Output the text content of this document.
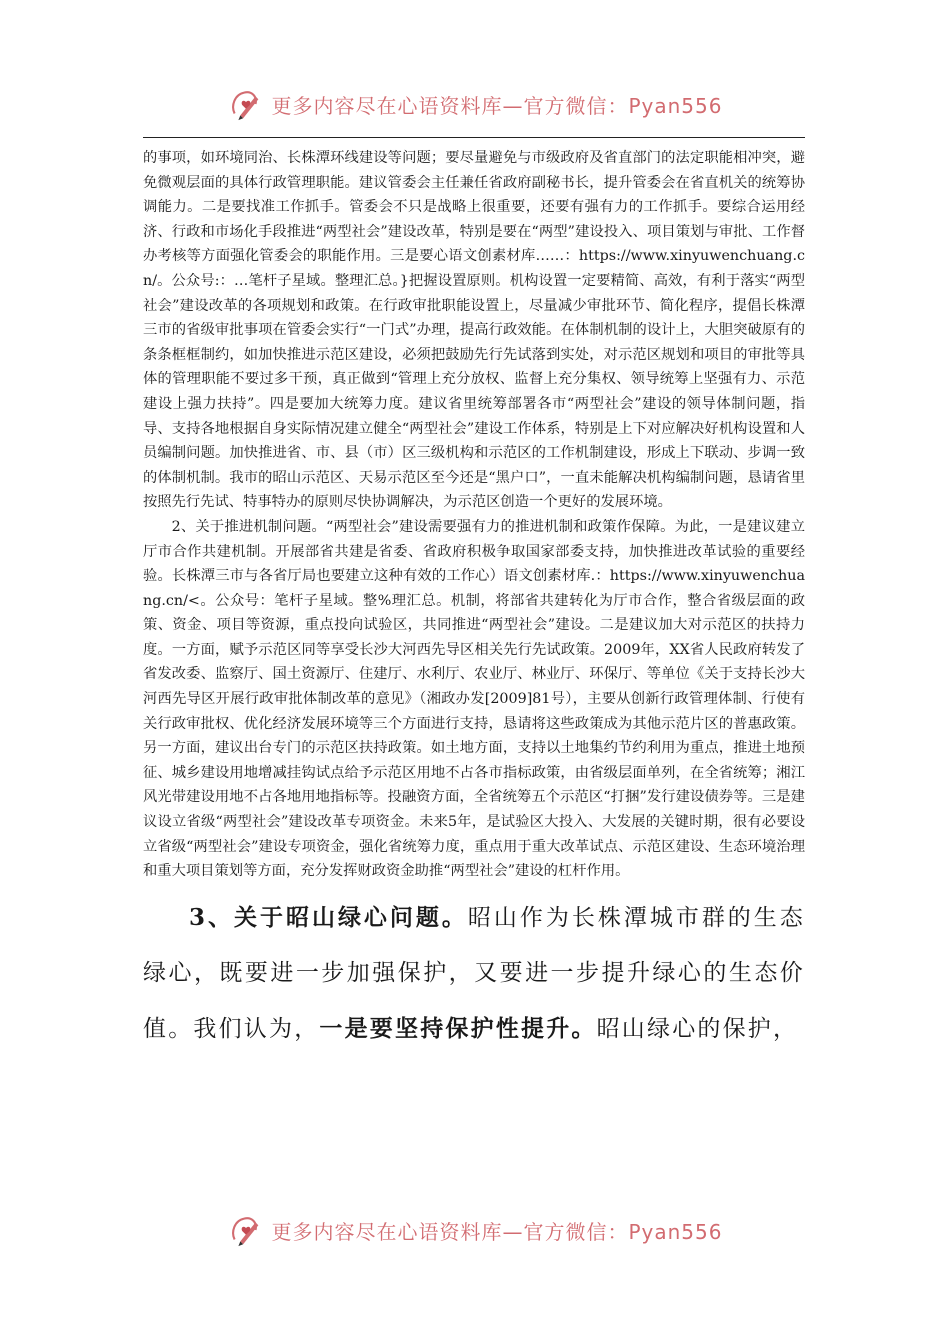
更多内容尽在心语资料库—官方微信：Pyan556

的事项，如环境同治、长株潭环线建设等问题；要尽量避免与市级政府及省直部门的法定职能相冲突，避免微观层面的具体行政管理职能。建议管委会主任兼任省政府副秘书长，提升管委会在省直机关的统筹协调能力。二是要找准工作抓手。管委会不只是战略上很重要，还要有强有力的工作抓手。要综合运用经济、行政和市场化手段推进“两型社会”建设改革，特别是要在“两型”建设投入、项目策划与审批、工作督办考核等方面强化管委会的职能作用。三是要心语文创素材库……：https://www.xinyuwenchuang.cn/。公众号:：…笔杆子星域。整理汇总。}把握设置原则。机构设置一定要精简、高效，有利于落实“两型社会”建设改革的各项规划和政策。在行政审批职能设置上，尽量减少审批环节、简化程序，提倡长株潭三市的省级审批事项在管委会实行“一门式”办理，提高行政效能。在体制机制的设计上，大胆突破原有的条条框框制约，如加快推进示范区建设，必须把鼓励先行先试落到实处，对示范区规划和项目的审批等具体的管理职能不要过多干预，真正做到“管理上充分放权、监督上充分集权、领导统筹上坚强有力、示范建设上强力扶持”。四是要加大统筹力度。建议省里统筹部署各市“两型社会”建设的领导体制问题，指导、支持各地根据自身实际情况建立健全“两型社会”建设工作体系，特别是上下对应解决好机构设置和人员编制问题。加快推进省、市、县（市）区三级机构和示范区的工作机制建设，形成上下联动、步调一致的体制机制。我市的昭山示范区、天易示范区至今还是“黑户口”，一直未能解决机构编制问题，恳请省里按照先行先试、特事特办的原则尽快协调解决，为示范区创造一个更好的发展环境。

2、关于推进机制问题。“两型社会”建设需要强有力的推进机制和政策作保障。为此，一是建议建立厅市合作共建机制。开展部省共建是省委、省政府积极争取国家部委支持，加快推进改革试验的重要经验。长株潭三市与各省厅局也要建立这种有效的工作心）语文创素材库.：https://www.xinyuwenchuang.cn/<。公众号：笔杆子星域。整%理汇总。机制，将部省共建转化为厅市合作，整合省级层面的政策、资金、项目等资源，重点投向试验区，共同推进“两型社会”建设。二是建议加大对示范区的扶持力度。一方面，赋予示范区同等享受长沙大河西先导区相关先行先试政策。2009年，XX省人民政府转发了省发改委、监察厅、国土资源厅、住建厅、水利厅、农业厅、林业厅、环保厅、等单位《关于支持长沙大河西先导区开展行政审批体制改革的意见》（湘政办发[2009]81号），主要从创新行政管理体制、行使有关行政审批权、优化经济发展环境等三个方面进行支持，恳请将这些政策成为其他示范片区的普惠政策。另一方面，建议出台专门的示范区扶持政策。如土地方面，支持以土地集约节约利用为重点，推进土地预征、城乡建设用地增减挂钩试点给予示范区用地不占各市指标政策，由省级层面单列，在全省统筹；湘江风光带建设用地不占各地用地指标等。投融资方面，全省统筹五个示范区“打捆”发行建设债券等。三是建议设立省级“两型社会”建设改革专项资金。未来5年，是试验区大投入、大发展的关键时期，很有必要设立省级“两型社会”建设专项资金，强化省统筹力度，重点用于重大改革试点、示范区建设、生态环境治理和重大项目策划等方面，充分发挥财政资金助推“两型社会”建设的杠杆作用。

3、关于昭山绿心问题。昭山作为长株潭城市群的生态绿心，既要进一步加强保护，又要进一步提升绿心的生态价值。我们认为，一是要坚持保护性提升。昭山绿心的保护，

更多内容尽在心语资料库—官方微信：Pyan556
